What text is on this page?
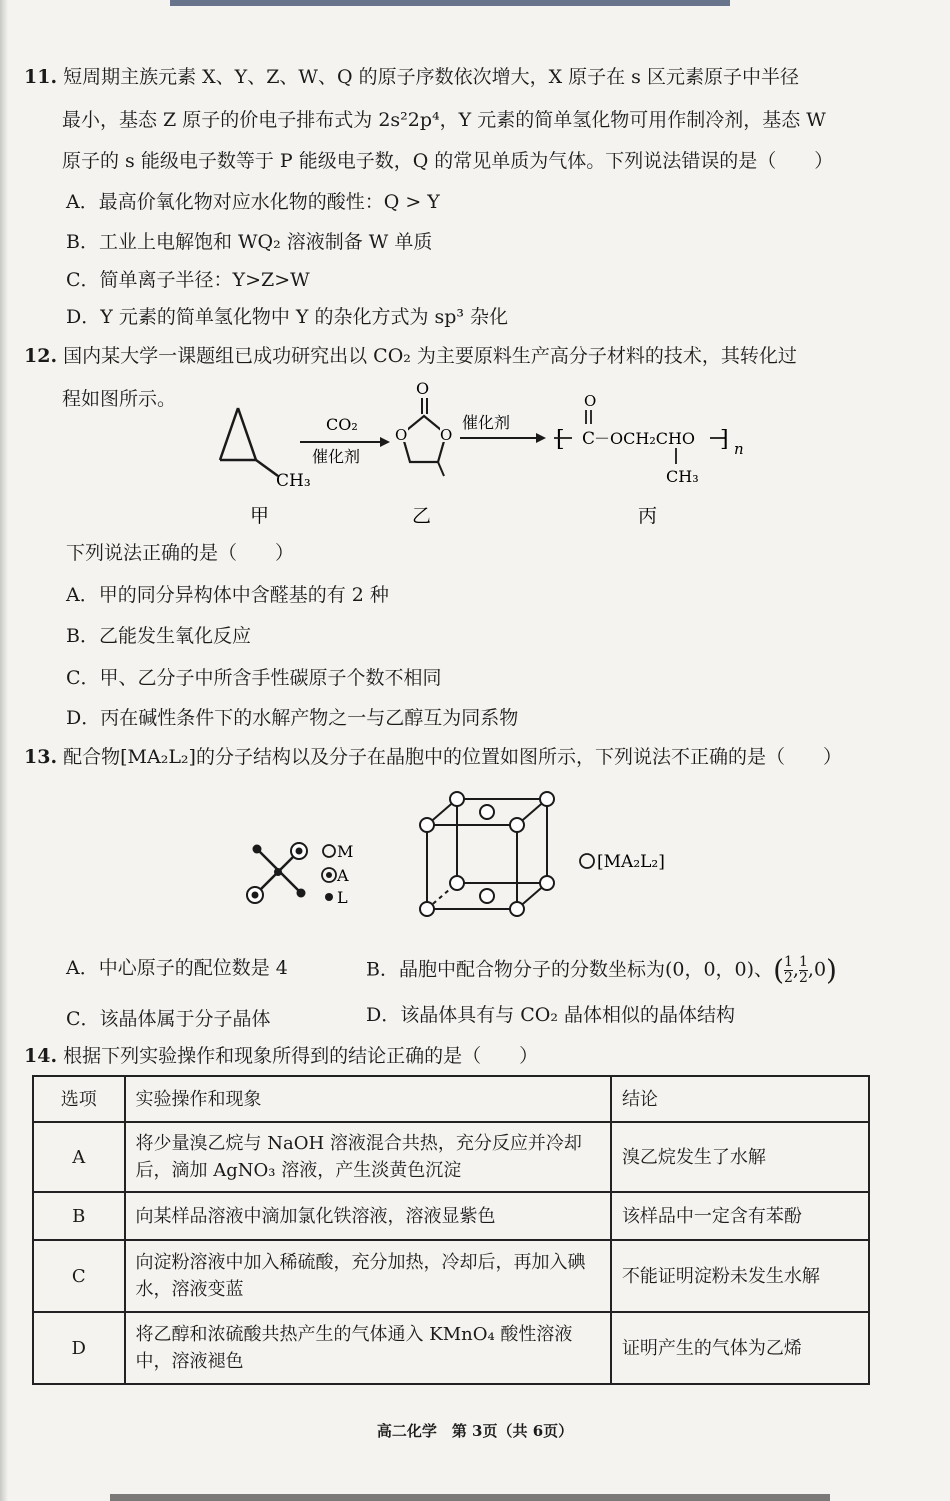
11. 短周期主族元素 X、Y、Z、W、Q 的原子序数依次增大，X 原子在 s 区元素原子中半径
最小，基态 Z 原子的价电子排布式为 2s²2p⁴，Y 元素的简单氢化物可用作制冷剂，基态 W
原子的 s 能级电子数等于 P 能级电子数，Q 的常见单质为气体。下列说法错误的是（　　）
A．最高价氧化物对应水化物的酸性：Q > Y
B．工业上电解饱和 WQ₂ 溶液制备 W 单质
C．简单离子半径：Y>Z>W
D．Y 元素的简单氢化物中 Y 的杂化方式为 sp³ 杂化
12. 国内某大学一课题组已成功研究出以 CO₂ 为主要原料生产高分子材料的技术，其转化过
程如图所示。
CH₃
甲
CO₂
催化剂
O
O O
乙
催化剂
[
O
C
－OCH₂CHO
CH₃
] n
丙
下列说法正确的是（　　）
A．甲的同分异构体中含醛基的有 2 种
B．乙能发生氧化反应
C．甲、乙分子中所含手性碳原子个数不相同
D．丙在碱性条件下的水解产物之一与乙醇互为同系物
13. 配合物[MA₂L₂]的分子结构以及分子在晶胞中的位置如图所示，下列说法不正确的是（　　）
M
A
L
[MA₂L₂]
A．中心原子的配位数是 4	B．晶胞中配合物分子的分数坐标为(0，0，0)、( $\frac{1}{2}$ , $\frac{1}{2} ,0$)
C．该晶体属于分子晶体	D．该晶体具有与 CO₂ 晶体相似的晶体结构
14. 根据下列实验操作和现象所得到的结论正确的是（　　）
选项	实验操作和现象	结论
A	将少量溴乙烷与 NaOH 溶液混合共热，充分反应并冷却后，滴加 AgNO₃ 溶液，产生淡黄色沉淀	溴乙烷发生了水解
B	向某样品溶液中滴加氯化铁溶液，溶液显紫色	该样品中一定含有苯酚
C	向淀粉溶液中加入稀硫酸，充分加热，冷却后，再加入碘水，溶液变蓝	不能证明淀粉未发生水解
D	将乙醇和浓硫酸共热产生的气体通入 KMnO₄ 酸性溶液中，溶液褪色	证明产生的气体为乙烯
高二化学　第 3页（共 6页）
